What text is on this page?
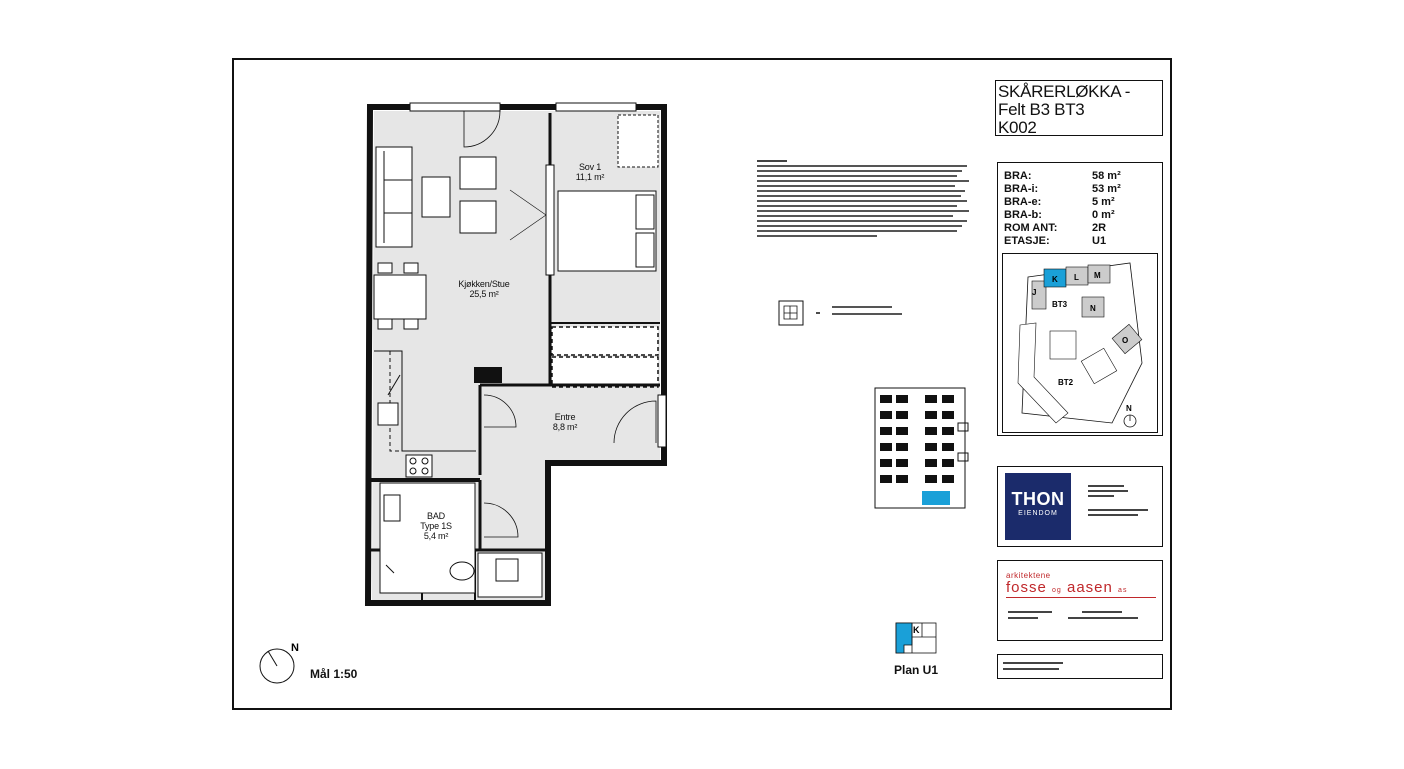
Sov 1
11,1 m²
Kjøkken/Stue
25,5 m²
Entre
8,8 m²
BAD
Type 1S
5,4 m²
SKÅRERLØKKA -
Felt B3 BT3
K002
BRA:	58 m²
BRA-i:	53 m²
BRA-e:	5 m²
BRA-b:	0 m²
ROM ANT:	2R
ETASJE:	U1
J
K L M
N
O
BT3
BT2
N
THON
EIENDOM
arkitektene
fosse og aasen as
N
Mål 1:50
K
Plan U1
